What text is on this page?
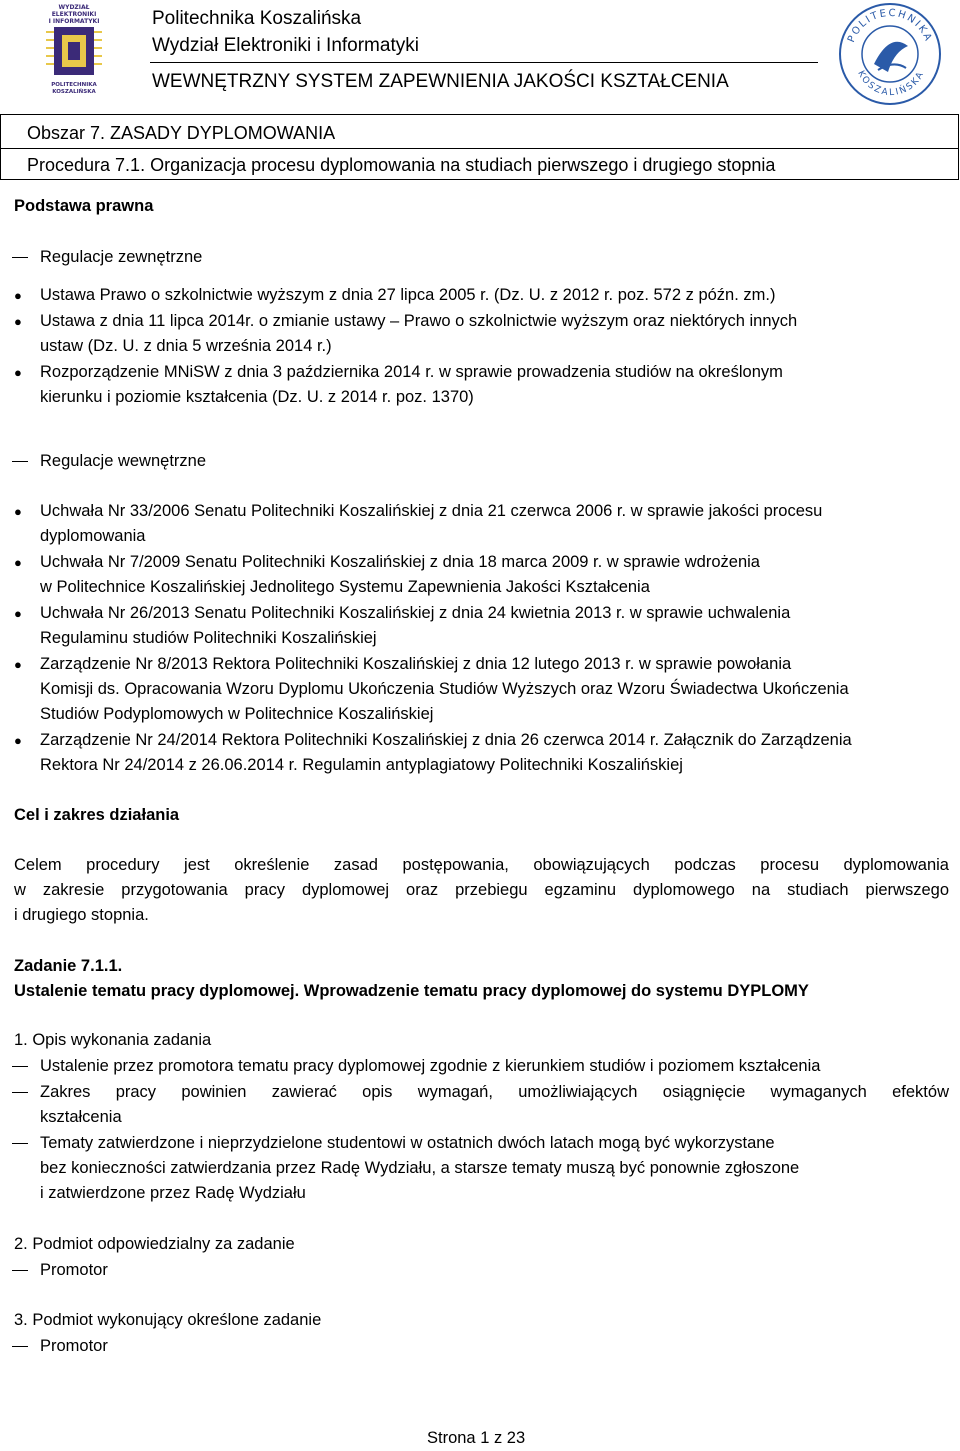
WYDZIAŁ
ELEKTRONIKI
I INFORMATYKI
POLITECHNIKA
KOSZALIŃSKA
Politechnika Koszalińska
Wydział Elektroniki i Informatyki
WEWNĘTRZNY SYSTEM ZAPEWNIENIA JAKOŚCI KSZTAŁCENIA
POLITECHNIKA
KOSZALIŃSKA
Obszar 7. ZASADY DYPLOMOWANIA
Procedura 7.1. Organizacja procesu dyplomowania na studiach pierwszego i drugiego stopnia
Podstawa prawna
Regulacje zewnętrzne
● Ustawa Prawo o szkolnictwie wyższym z dnia 27 lipca 2005 r. (Dz. U. z 2012 r. poz. 572 z późn. zm.)
● Ustawa z dnia 11 lipca 2014r. o zmianie ustawy – Prawo o szkolnictwie wyższym oraz niektórych innych
ustaw (Dz. U. z dnia 5 września 2014 r.)
● Rozporządzenie MNiSW z dnia 3 października 2014 r. w sprawie prowadzenia studiów na określonym
kierunku i poziomie kształcenia (Dz. U. z 2014 r. poz. 1370)
Regulacje wewnętrzne
● Uchwała Nr 33/2006 Senatu Politechniki Koszalińskiej z dnia 21 czerwca 2006 r. w sprawie jakości procesu
dyplomowania
● Uchwała Nr 7/2009 Senatu Politechniki Koszalińskiej z dnia 18 marca 2009 r. w sprawie wdrożenia
w Politechnice Koszalińskiej Jednolitego Systemu Zapewnienia Jakości Kształcenia
● Uchwała Nr 26/2013 Senatu Politechniki Koszalińskiej z dnia 24 kwietnia 2013 r. w sprawie uchwalenia
Regulaminu studiów Politechniki Koszalińskiej
● Zarządzenie Nr 8/2013 Rektora Politechniki Koszalińskiej z dnia 12 lutego 2013 r. w sprawie powołania
Komisji ds. Opracowania Wzoru Dyplomu Ukończenia Studiów Wyższych oraz Wzoru Świadectwa Ukończenia
Studiów Podyplomowych w Politechnice Koszalińskiej
● Zarządzenie Nr 24/2014 Rektora Politechniki Koszalińskiej z dnia 26 czerwca 2014 r. Załącznik do Zarządzenia
Rektora Nr 24/2014 z 26.06.2014 r. Regulamin antyplagiatowy Politechniki Koszalińskiej
Cel i zakres działania
Celem procedury jest określenie zasad postępowania, obowiązujących podczas procesu dyplomowania
w zakresie przygotowania pracy dyplomowej oraz przebiegu egzaminu dyplomowego na studiach pierwszego
i drugiego stopnia.
Zadanie 7.1.1.
Ustalenie tematu pracy dyplomowej. Wprowadzenie tematu pracy dyplomowej do systemu DYPLOMY
1. Opis wykonania zadania
Ustalenie przez promotora tematu pracy dyplomowej zgodnie z kierunkiem studiów i poziomem kształcenia
Zakres pracy powinien zawierać opis wymagań, umożliwiających osiągnięcie wymaganych efektów
kształcenia
Tematy zatwierdzone i nieprzydzielone studentowi w ostatnich dwóch latach mogą być wykorzystane
bez konieczności zatwierdzania przez Radę Wydziału, a starsze tematy muszą być ponownie zgłoszone
i zatwierdzone przez Radę Wydziału
2. Podmiot odpowiedzialny za zadanie
Promotor
3. Podmiot wykonujący określone zadanie
Promotor
Strona 1 z 23
